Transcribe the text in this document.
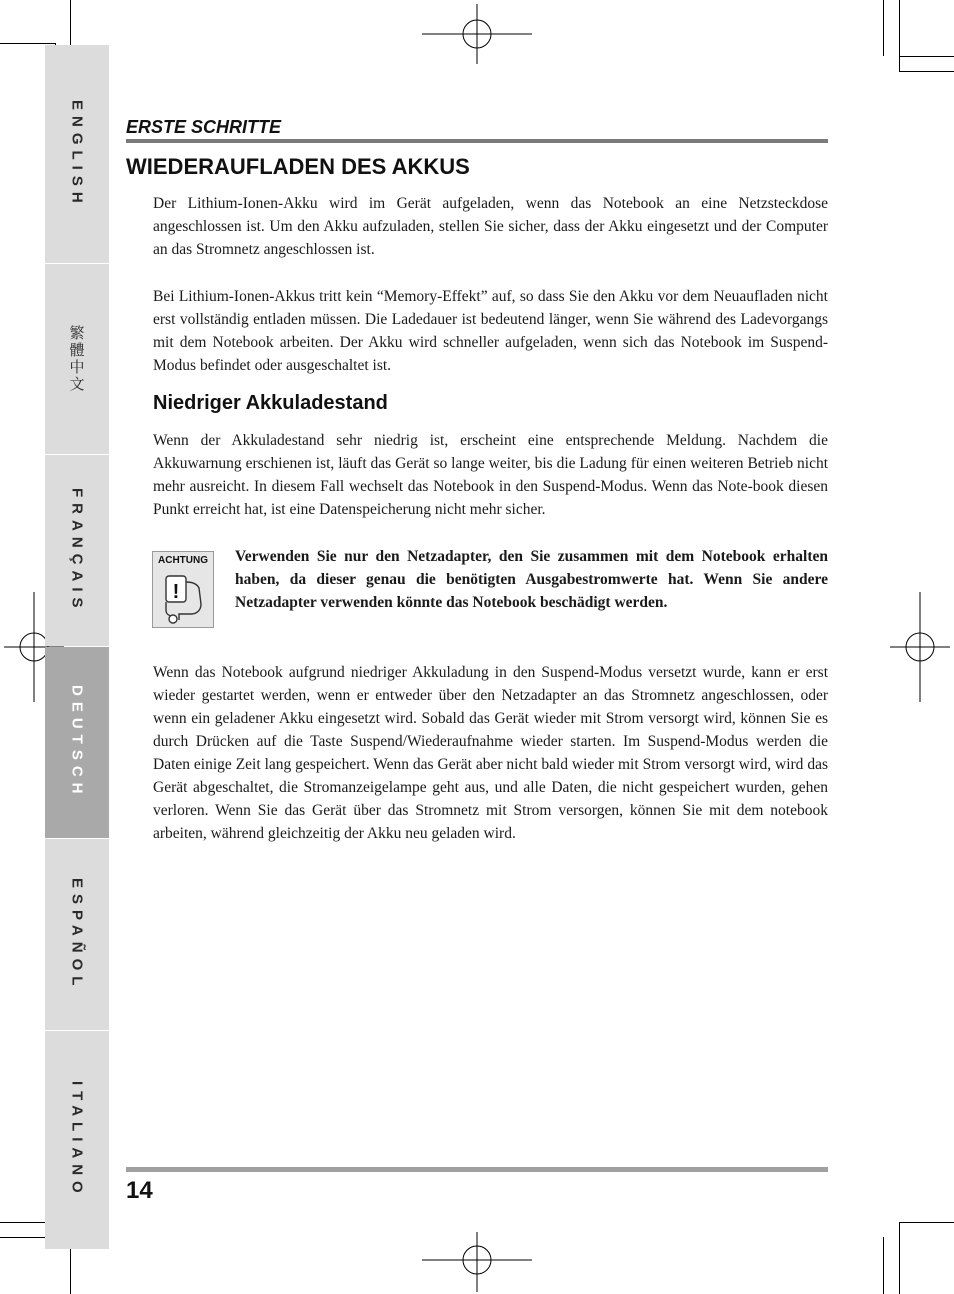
ENGLISH
繁體中文
FRANÇAIS
DEUTSCH
ESPAÑOL
ITALIANO
ERSTE SCHRITTE
WIEDERAUFLADEN DES AKKUS

Der Lithium-Ionen-Akku wird im Gerät aufgeladen, wenn das Notebook an eine Netzsteckdose angeschlossen ist. Um den Akku aufzuladen, stellen Sie sicher, dass der Akku eingesetzt und der Computer an das Stromnetz angeschlossen ist.

Bei Lithium-Ionen-Akkus tritt kein “Memory-Effekt” auf, so dass Sie den Akku vor dem Neuaufladen nicht erst vollständig entladen müssen. Die Ladedauer ist bedeutend länger, wenn Sie während des Ladevorgangs mit dem Notebook arbeiten. Der Akku wird schneller aufgeladen, wenn sich das Notebook im Suspend-Modus befindet oder ausgeschaltet ist.

Niedriger Akkuladestand

Wenn der Akkuladestand sehr niedrig ist, erscheint eine entsprechende Meldung. Nachdem die Akkuwarnung erschienen ist, läuft das Gerät so lange weiter, bis die Ladung für einen weiteren Betrieb nicht mehr ausreicht. In diesem Fall wechselt das Notebook in den Suspend-Modus. Wenn das Note-book diesen Punkt erreicht hat, ist eine Datenspeicherung nicht mehr sicher.

ACHTUNG
!

Verwenden Sie nur den Netzadapter, den Sie zusammen mit dem Notebook erhalten haben, da dieser genau die benötigten Ausgabestromwerte hat. Wenn Sie andere Netzadapter verwenden könnte das Notebook beschädigt werden.

Wenn das Notebook aufgrund niedriger Akkuladung in den Suspend-Modus versetzt wurde, kann er erst wieder gestartet werden, wenn er entweder über den Netzadapter an das Stromnetz angeschlossen, oder wenn ein geladener Akku eingesetzt wird. Sobald das Gerät wieder mit Strom versorgt wird, können Sie es durch Drücken auf die Taste Suspend/Wiederaufnahme wieder starten. Im Suspend-Modus werden die Daten einige Zeit lang gespeichert. Wenn das Gerät aber nicht bald wieder mit Strom versorgt wird, wird das Gerät abgeschaltet, die Stromanzeigelampe geht aus, und alle Daten, die nicht gespeichert wurden, gehen verloren. Wenn Sie das Gerät über das Stromnetz mit Strom versorgen, können Sie mit dem notebook arbeiten, während gleichzeitig der Akku neu geladen wird.

14
